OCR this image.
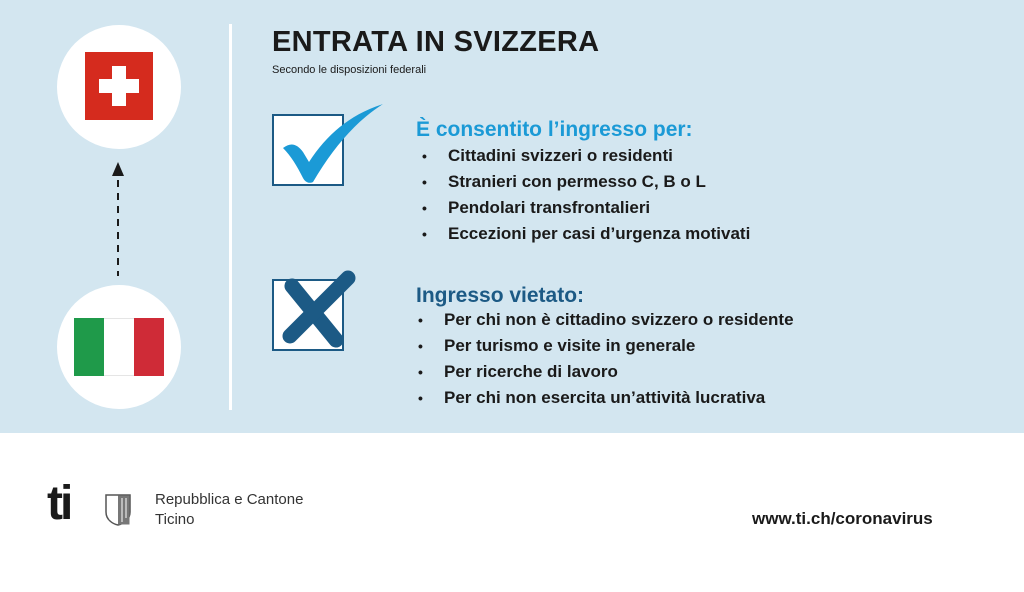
ENTRATA IN SVIZZERA
Secondo le disposizioni federali
È consentito l’ingresso per:
• Cittadini svizzeri o residenti
• Stranieri con permesso C, B o L
• Pendolari transfrontalieri
• Eccezioni per casi d’urgenza motivati
Ingresso vietato:
• Per chi non è cittadino svizzero o residente
• Per turismo e visite in generale
• Per ricerche di lavoro
• Per chi non esercita un’attività lucrativa
ti	Repubblica e Cantone
Ticino	www.ti.ch/coronavirus
